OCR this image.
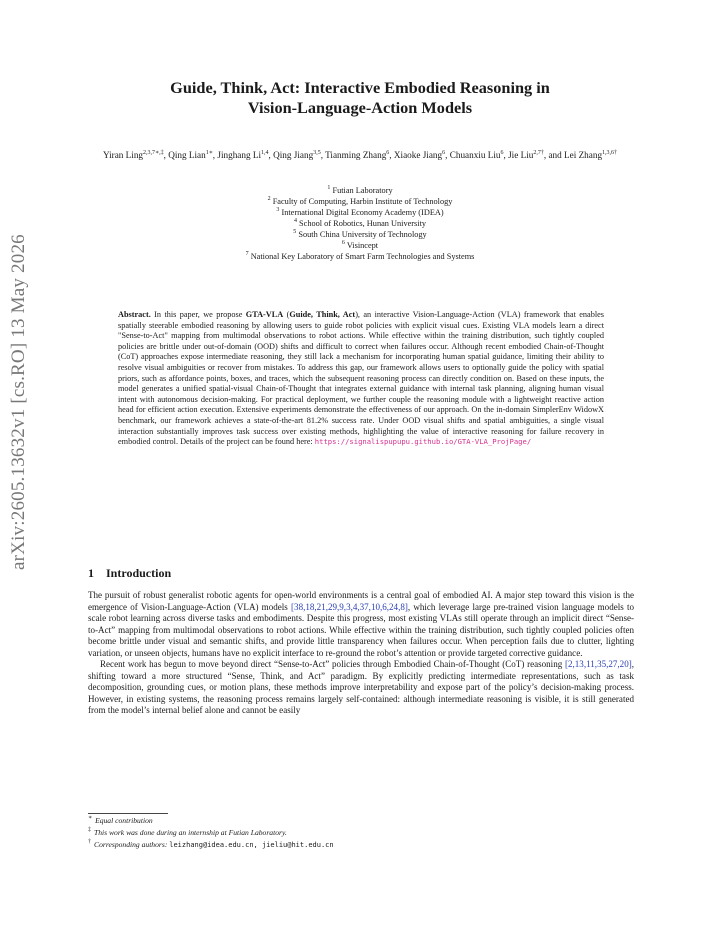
arXiv:2605.13632v1 [cs.RO] 13 May 2026
Guide, Think, Act: Interactive Embodied Reasoning in
Vision-Language-Action Models
Yiran Ling$^{2,3,7∗,\ddagger}$, Qing Lian$^{1∗}$, Jinghang Li$^{1,4}$, Qing Jiang$^{3,5}$, Tianming Zhang$^6$, Xiaoke Jiang$^6$, Chuanxiu Liu$^6$, Jie Liu$^{2,7\dagger}$, and Lei Zhang$^{1,3,6\dagger}$
$^1$ Futian Laboratory
$^2$ Faculty of Computing, Harbin Institute of Technology
$^3$ International Digital Economy Academy (IDEA)
$^4$ School of Robotics, Hunan University
$^5$ South China University of Technology
$^6$ Visincept
$^7$ National Key Laboratory of Smart Farm Technologies and Systems
Abstract. In this paper, we propose GTA-VLA (Guide, Think, Act), an interactive Vision-Language-Action (VLA) framework that enables spatially steerable embodied reasoning by allowing users to guide robot policies with explicit visual cues. Existing VLA models learn a direct "Sense-to-Act" mapping from multimodal observations to robot actions. While effective within the training distribution, such tightly coupled policies are brittle under out-of-domain (OOD) shifts and difficult to correct when failures occur. Although recent embodied Chain-of-Thought (CoT) approaches expose intermediate reasoning, they still lack a mechanism for incorporating human spatial guidance, limiting their ability to resolve visual ambiguities or recover from mistakes. To address this gap, our framework allows users to optionally guide the policy with spatial priors, such as affordance points, boxes, and traces, which the subsequent reasoning process can directly condition on. Based on these inputs, the model generates a unified spatial-visual Chain-of-Thought that integrates external guidance with internal task planning, aligning human visual intent with autonomous decision-making. For practical deployment, we further couple the reasoning module with a lightweight reactive action head for efficient action execution. Extensive experiments demonstrate the effectiveness of our approach. On the in-domain SimplerEnv WidowX benchmark, our framework achieves a state-of-the-art 81.2% success rate. Under OOD visual shifts and spatial ambiguities, a single visual interaction substantially improves task success over existing methods, highlighting the value of interactive reasoning for failure recovery in embodied control. Details of the project can be found here: https://signalispupupu.github.io/GTA-VLA_ProjPage/
1 Introduction

The pursuit of robust generalist robotic agents for open-world environments is a central goal of embodied AI. A major step toward this vision is the emergence of Vision-Language-Action (VLA) models [38,18,21,29,9,3,4,37,10,6,24,8], which leverage large pre-trained vision language models to scale robot learning across diverse tasks and embodiments. Despite this progress, most existing VLAs still operate through an implicit direct “Sense-to-Act” mapping from multimodal observations to robot actions. While effective within the training distribution, such tightly coupled policies often become brittle under visual and semantic shifts, and provide little transparency when failures occur. When perception fails due to clutter, lighting variation, or unseen objects, humans have no explicit interface to re-ground the robot’s attention or provide targeted corrective guidance.

Recent work has begun to move beyond direct “Sense-to-Act” policies through Embodied Chain-of-Thought (CoT) reasoning [2,13,11,35,27,20], shifting toward a more structured “Sense, Think, and Act” paradigm. By explicitly predicting intermediate representations, such as task decomposition, grounding cues, or motion plans, these methods improve interpretability and expose part of the policy’s decision-making process. However, in existing systems, the reasoning process remains largely self-contained: although intermediate reasoning is visible, it is still generated from the model’s internal belief alone and cannot be easily

∗ Equal contribution
‡ This work was done during an internship at Futian Laboratory.
† Corresponding authors: leizhang@idea.edu.cn, jieliu@hit.edu.cn
